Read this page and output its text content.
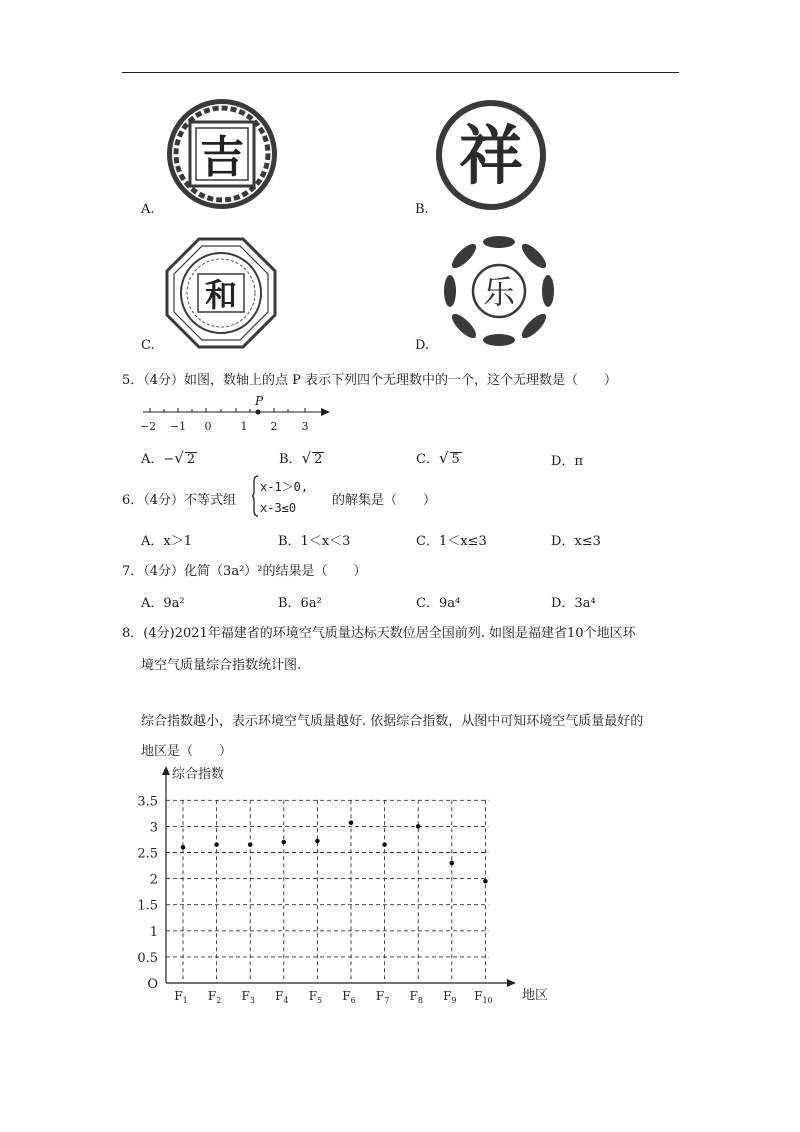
吉
A.
祥
B.
和
C.
乐
D.
5．（4分）如图，数轴上的点 P 表示下列四个无理数中的一个，这个无理数是（　　）
P
−2 −1 0	1 2 3
A．−√ 2	B．√ 2	C．√ 5	D．π
6．（4分）不等式组
x-1＞0,
x-3≤0	的解集是（　　）
A．x＞1	B．1＜x＜3	C．1＜x≤3	D．x≤3
7．（4分）化简（3a²）²的结果是（　　）
A．9a²	B．6a²	C．9a⁴	D．3a⁴
8．(4分)2021年福建省的环境空气质量达标天数位居全国前列. 如图是福建省10个地区环
境空气质量综合指数统计图.
综合指数越小，表示环境空气质量越好. 依据综合指数，从图中可知环境空气质量最好的
地区是（　　）
O
0.5
1
1.5
2
2.5
3
3.5
$F_1$ $F_2$ $F_3$ $F_4$ $F_5$ $F_6$ $F_7$ $F_8$ $F_9$ $F_{10}$
综合指数
地区
